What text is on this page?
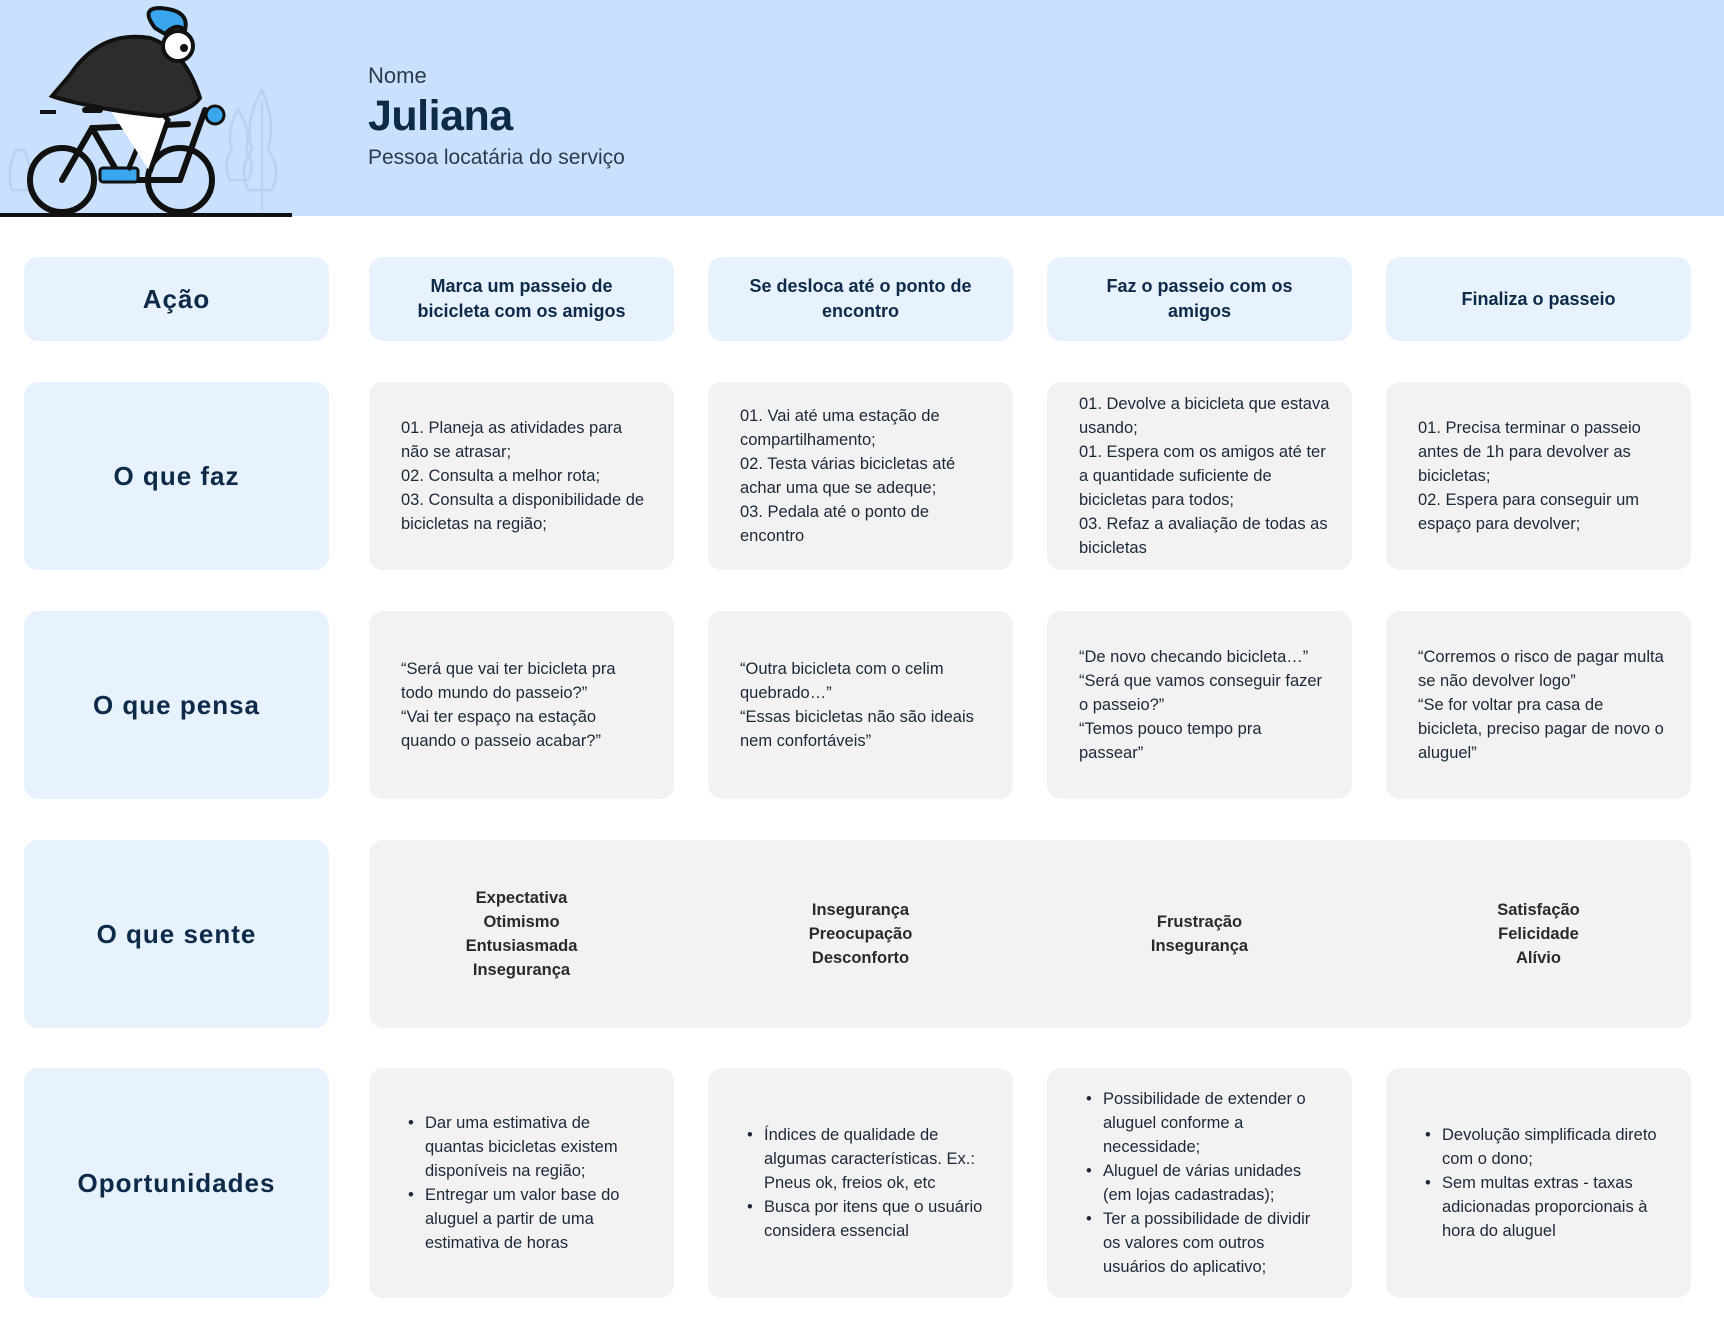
Nome
Juliana
Pessoa locatária do serviço
Ação
O que faz
O que pensa
O que sente
Oportunidades
Marca um passeio de bicicleta com os amigos
Se desloca até o ponto de encontro
Faz o passeio com os amigos
Finaliza o passeio
01. Planeja as atividades para não se atrasar;
02. Consulta a melhor rota;
03. Consulta a disponibilidade de bicicletas na região;
01. Vai até uma estação de compartilhamento;
02. Testa várias bicicletas até achar uma que se adeque;
03. Pedala até o ponto de encontro
01. Devolve a bicicleta que estava usando;
01. Espera com os amigos até ter a quantidade suficiente de bicicletas para todos;
03. Refaz a avaliação de todas as bicicletas
01. Precisa terminar o passeio antes de 1h para devolver as bicicletas;
02. Espera para conseguir um espaço para devolver;
“Será que vai ter bicicleta pra todo mundo do passeio?”
“Vai ter espaço na estação quando o passeio acabar?”
“Outra bicicleta com o celim quebrado…”
“Essas bicicletas não são ideais nem confortáveis”
“De novo checando bicicleta…”
“Será que vamos conseguir fazer o passeio?”
“Temos pouco tempo pra passear”
“Corremos o risco de pagar multa se não devolver logo”
“Se for voltar pra casa de bicicleta, preciso pagar de novo o aluguel”
Expectativa
Otimismo
Entusiasmada
Insegurança
Insegurança
Preocupação
Desconforto
Frustração
Insegurança
Satisfação
Felicidade
Alívio
• Dar uma estimativa de quantas bicicletas existem disponíveis na região;
• Entregar um valor base do aluguel a partir de uma estimativa de horas
• Índices de qualidade de algumas características. Ex.: Pneus ok, freios ok, etc
• Busca por itens que o usuário considera essencial
• Possibilidade de extender o aluguel conforme a necessidade;
• Aluguel de várias unidades (em lojas cadastradas);
• Ter a possibilidade de dividir os valores com outros usuários do aplicativo;
• Devolução simplificada direto com o dono;
• Sem multas extras - taxas adicionadas proporcionais à hora do aluguel
